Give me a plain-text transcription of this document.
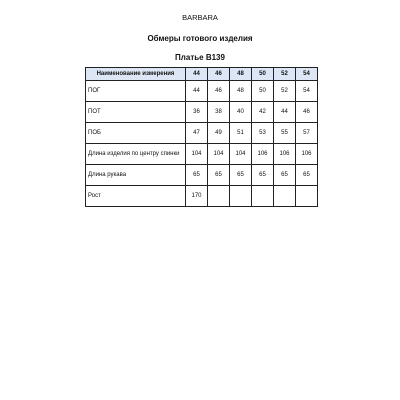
BARBARA
Обмеры готового изделия
Платье В139
Наименование измерения	44	46	48	50	52	54
ПОГ	44	46	48	50	52	54
ПОТ	36	38	40	42	44	46
ПОБ	47	49	51	53	55	57
Длина изделия по центру спинки	104	104	104	106	106	106
Длина рукава	65	65	65	65	65	65
Рост	170					
